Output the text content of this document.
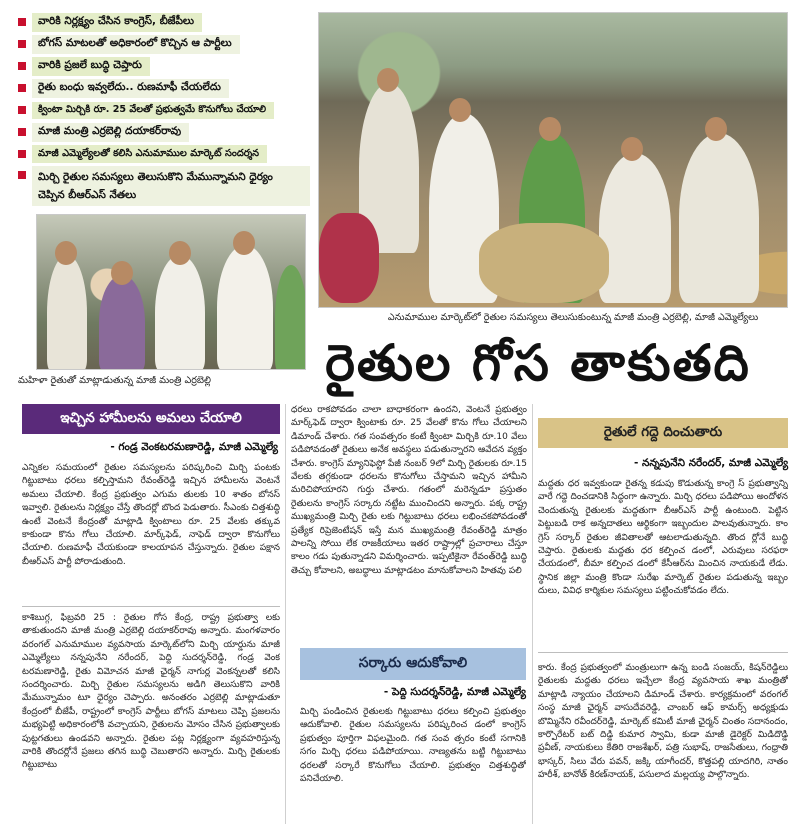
వారికి నిర్లక్ష్యం చేసిన కాంగ్రెస్, బీజేపీలు
బోగస్ మాటలతో అధికారంలో కొచ్చిన ఆ పార్టీలు
వారికి ప్రజలే బుద్ధి చెప్తారు
రైతు బంధు ఇవ్వలేదు.. రుణమాఫీ చేయలేదు
క్వింటా మిర్చికి రూ. 25 వేలతో ప్రభుత్వమే కొనుగోలు చేయాలి
మాజీ మంత్రి ఎర్రబెల్లి దయాకర్‌రావు
మాజీ ఎమ్మెల్యేలతో కలిసి ఎనుమాముల మార్కెట్ సందర్శన
మిర్చి రైతుల సమస్యలు తెలుసుకొని మేమున్నామని ధైర్యం చెప్పిన బీఆర్ఎస్ నేతలు
ఎనుమాముల మార్కెట్‌లో రైతుల సమస్యలు తెలుసుకుంటున్న మాజీ మంత్రి ఎర్రబెల్లి, మాజీ ఎమ్మెల్యేలు
మహిళా రైతుతో మాట్లాడుతున్న మాజీ మంత్రి ఎర్రబెల్లి	రైతుల గోస తాకుతది
ఇచ్చిన హామీలను అమలు చేయాలి
- గండ్ర వెంకటరమణారెడ్డి, మాజీ ఎమ్మెల్యే
ఎన్నికల సమయంలో రైతుల సమస్యలను పరిష్కరించి మిర్చి పంటకు గిట్టుబాటు ధరలు కల్పిస్తామని రేవంత్‌రెడ్డి ఇచ్చిన హామీలను వెంటనే అమలు చేయాలి. కేంద్ర ప్రభుత్వం ఎగుమ తులకు 10 శాతం బోనస్ ఇవ్వాలి. రైతులను నిర్లక్ష్యం చేస్తే తొందర్లో బొంద పెడుతారు. సీఎంకు చిత్తశుద్ధి ఉంటే వెంటనే కేంద్రంతో మాట్లాడి క్వింటాలు రూ. 25 వేలకు తక్కువ కాకుండా కొను గోలు చేయాలి. మార్క్‌ఫెడ్, నాఫెడ్ ద్వారా కొనుగోలు చేయాలి. రుణమాఫీ చేయకుండా కాలయాపన చేస్తున్నారు. రైతుల పక్షాన బీఆర్ఎస్ పార్టీ పోరాడుతుంది.
కాశిబుగ్గ, ఫిబ్రవరి 25 : రైతుల గోస కేంద్ర, రాష్ట్ర ప్రభుత్వా లకు తాకుతుందని మాజీ మంత్రి ఎర్రబెల్లి దయాకర్‌రావు అన్నారు. మంగళవారం వరంగల్ ఎనుమాముల వ్యవసాయ మార్కెట్‌లోని మిర్చి యార్డును మాజీ ఎమ్మెల్యేలు నన్నపునేని నరేందర్, పెద్ది సుదర్శన్‌రెడ్డి, గండ్ర వెంక టరమణారెడ్డి, రైతు విమోచన మాజీ ఛైర్మన్ నాగుర్ల వెంకన్నలతో కలిసి సందర్శించారు. మిర్చి రైతుల సమస్యలను అడిగి తెలుసుకొని వారికి మేమున్నామం టూ ధైర్యం చెప్పారు. అనంతరం ఎర్రబెల్లి మాట్లాడుతూ కేంద్రంలో బీజేపీ, రాష్ట్రంలో కాంగ్రెస్ పార్టీలు బోగస్ మాటలు చెప్పి ప్రజలను మభ్యపెట్టి అధికారంలోకి వచ్చాయని, రైతులను మోసం చేసిన ప్రభుత్వాలకు పుట్టగతులు ఉండవని అన్నారు. రైతుల పట్ల నిర్లక్ష్యంగా వ్యవహరిస్తున్న వారికి తొందర్లోనే ప్రజలు తగిన బుద్ధి చెబుతారని అన్నారు. మిర్చి రైతులకు గిట్టుబాటు
ధరలు రాకపోవడం చాలా బాధాకరంగా ఉందని, వెంటనే ప్రభుత్వం మార్క్‌ఫెడ్ ద్వారా క్వింటాకు రూ. 25 వేలతో కొను గోలు చేయాలని డిమాండ్ చేశారు. గత సంవత్సరం కంటే క్వింటా మిర్చికి రూ.10 వేలు పడిపోవడంతో రైతులు అనేక అవస్థలు పడుతున్నారని ఆవేదన వ్యక్తం చేశారు. కాంగ్రెస్ మ్యానిఫెస్టో పేజీ నంబర్ 9లో మిర్చి రైతులకు రూ.15 వేలకు తగ్గకుండా ధరలను కొనుగోలు చేస్తామని ఇచ్చిన హామీని మరిచిపోయారని గుర్తు చేశారు. గతంలో మరెన్నడూ ప్రస్తుతం రైతులను కాంగ్రెస్ సర్కారు నట్టేట ముంచిందని అన్నారు. పక్క రాష్ట్ర ముఖ్యమంత్రి మిర్చి రైతు లకు గిట్టుబాటు ధరలు లభించకపోవడంతో ప్రత్యేక రిప్రెజెంటేషన్ ఇస్తే మన ముఖ్యమంత్రి రేవంత్‌రెడ్డి మాత్రం పాలన్ని సోయి లేక రాజకీయాలు ఇతర రాష్ట్రాల్లో ప్రచారాలు చేస్తూ కాలం గడు పుతున్నాడని విమర్శించారు. ఇప్పటికైనా రేవంత్‌రెడ్డి బుద్ధి తెచ్చు కోవాలని, అబద్ధాలు మాట్లాడటం మానుకోవాలని హితవు పలి
సర్కారు ఆదుకోవాలి
- పెద్ది సుదర్శన్‌రెడ్డి, మాజీ ఎమ్మెల్యే
మిర్చి పండించిన రైతులకు గిట్టుబాటు ధరలు కల్పించి ప్రభుత్వం ఆదుకోవాలి. రైతుల సమస్యలను పరిష్కరించ డంలో కాంగ్రెస్ ప్రభుత్వం పూర్తిగా విఫలమైంది. గత సంవ త్సరం కంటే సగానికి సగం మిర్చి ధరలు పడిపోయాయి. నాణ్యతను బట్టి గిట్టుబాటు ధరలతో సర్కారే కొనుగోలు చేయాలి. ప్రభుత్వం చిత్తశుద్ధితో పనిచేయాలి.
రైతులే గద్దె దించుతారు
- నన్నపునేని నరేందర్, మాజీ ఎమ్మెల్యే
మద్దతు ధర ఇవ్వకుండా రైతన్న కడుపు కొడుతున్న కాంగ్రె స్ ప్రభుత్వాన్ని వారే గద్దె దించడానికి సిద్ధంగా ఉన్నారు. మిర్చి ధరలు పడిపోయి అందోళన చెందుతున్న రైతులకు మద్దతుగా బీఆర్ఎస్ పార్టీ ఉంటుంది. పెట్టిన పెట్టుబడి రాక అన్నదాతలు ఆర్థికంగా ఇబ్బందుల పాలవుతున్నారు. కాం గ్రెస్ సర్కార్ రైతుల జీవితాలతో ఆటలాడుతున్నది. తొంద ర్లోనే బుద్ధి చెప్తారు. రైతులకు మద్దతు ధర కల్పించ డంలో, ఎరువులు సరఫరా చేయడంలో, బీమా కల్పించ డంలో కేసీఆర్‌ను మించిన నాయకుడే లేడు. స్థానిక జిల్లా మంత్రి కొండా సురేఖ మార్కెట్ రైతుల పడుతున్న ఇబ్బం దులు, వివిధ కార్మికుల సమస్యలు పట్టించుకోవడం లేదు.
కారు. కేంద్ర ప్రభుత్వంలో మంత్రులుగా ఉన్న బండి సంజయ్, కిషన్‌రెడ్డిలు రైతులకు మద్దతు ధరలు ఇచ్చేలా కేంద్ర వ్యవసాయ శాఖ మంత్రితో మాట్లాడి న్యాయం చేయాలని డిమాండ్ చేశారు. కార్యక్రమంలో వరంగల్ సంస్థ మాజీ ఛైర్మన్ వాసుదేవరెడ్డి, చాంబర్ ఆఫ్ కామర్స్ అధ్యక్షుడు బొమ్మినేని రవీందర్‌రెడ్డి, మార్కెట్ కమిటీ మాజీ ఛైర్మన్ చింతం సదానందం, కార్పొరేటర్ బట్ దిడ్డి కుమార స్వామి, కుడా మాజీ డైరెక్టర్ మిడిదొడ్డి ప్రవీణ్, నాయకులు కేతిరి రాజశేఖర్, పత్రి సుభాష్, రాజసేతులు, గంధ్రాతి భాస్కర్, సిలు వేరు పవన్, జక్కి యాగీందర్, కొత్తపల్లి యాదగిరి, నాతం హరీశ్, బానోత్ కిరణ్‌నాయక్, పసులాద మల్లయ్య పాల్గొన్నారు.
